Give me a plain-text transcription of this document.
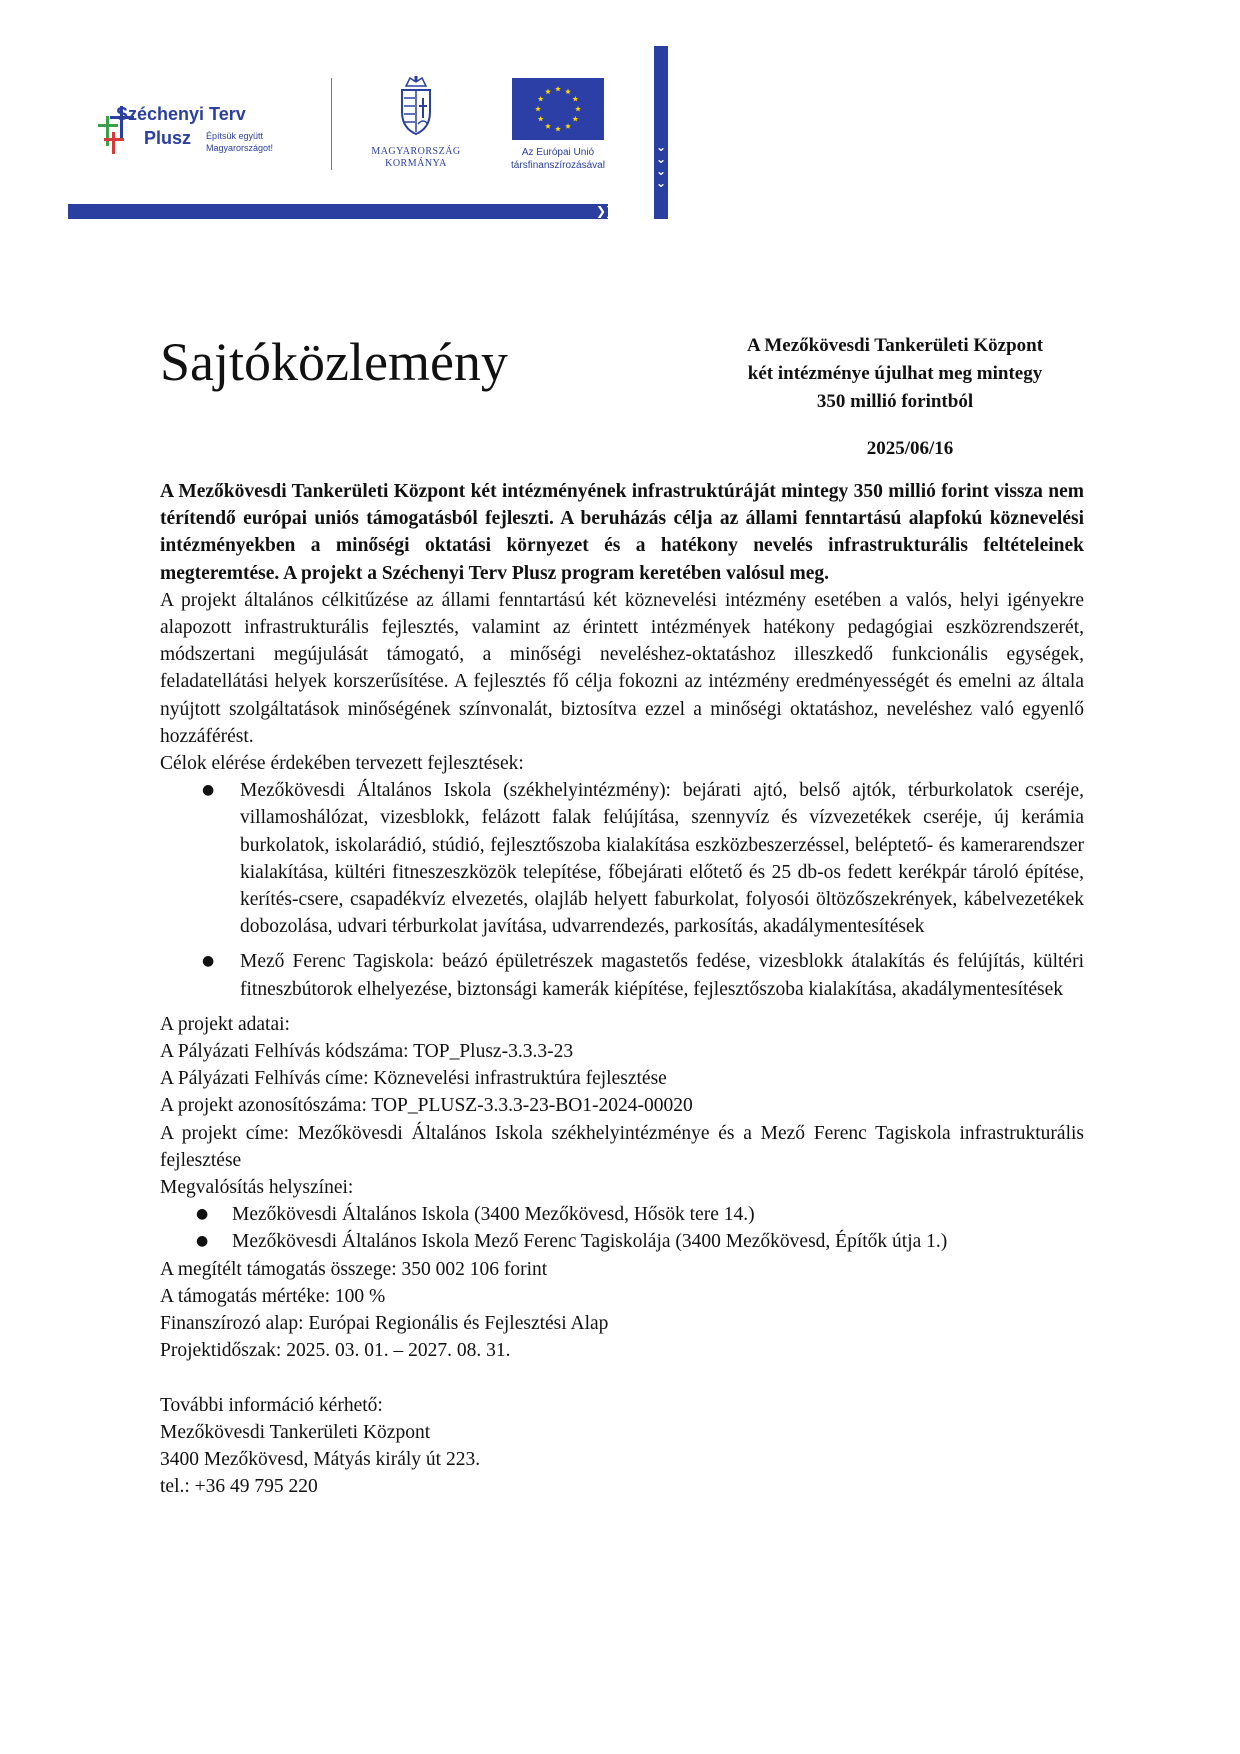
⌄
⌄
⌄
⌄
❯❯❯❯
Széchenyi Terv
Plusz Építsük együtt
Magyarországot!	MAGYARORSZÁG
KORMÁNYA
Az Európai Unió
társfinanszírozásával
Sajtóközlemény	A Mezőkövesdi Tankerületi Központ
két intézménye újulhat meg mintegy
350 millió forintból
2025/06/16

A Mezőkövesdi Tankerületi Központ két intézményének infrastruktúráját mintegy 350 millió forint vissza nem térítendő európai uniós támogatásból fejleszti. A beruházás célja az állami fenntartású alapfokú köznevelési intézményekben a minőségi oktatási környezet és a hatékony nevelés infrastrukturális feltételeinek megteremtése. A projekt a Széchenyi Terv Plusz program keretében valósul meg.

A projekt általános célkitűzése az állami fenntartású két köznevelési intézmény esetében a valós, helyi igényekre alapozott infrastrukturális fejlesztés, valamint az érintett intézmények hatékony pedagógiai eszközrendszerét, módszertani megújulását támogató, a minőségi neveléshez-oktatáshoz illeszkedő funkcionális egységek, feladatellátási helyek korszerűsítése. A fejlesztés fő célja fokozni az intézmény eredményességét és emelni az általa nyújtott szolgáltatások minőségének színvonalát, biztosítva ezzel a minőségi oktatáshoz, neveléshez való egyenlő hozzáférést.

Célok elérése érdekében tervezett fejlesztések:

● Mezőkövesdi Általános Iskola (székhelyintézmény): bejárati ajtó, belső ajtók, térburkolatok cseréje, villamoshálózat, vizesblokk, felázott falak felújítása, szennyvíz és vízvezetékek cseréje, új kerámia burkolatok, iskolarádió, stúdió, fejlesztőszoba kialakítása eszközbeszerzéssel, beléptető- és kamerarendszer kialakítása, kültéri fitneszeszközök telepítése, főbejárati előtető és 25 db-os fedett kerékpár tároló építése, kerítés-csere, csapadékvíz elvezetés, olajláb helyett faburkolat, folyosói öltözőszekrények, kábelvezetékek dobozolása, udvari térburkolat javítása, udvarrendezés, parkosítás, akadálymentesítések
● Mező Ferenc Tagiskola: beázó épületrészek magastetős fedése, vizesblokk átalakítás és felújítás, kültéri fitneszbútorok elhelyezése, biztonsági kamerák kiépítése, fejlesztőszoba kialakítása, akadálymentesítések

A projekt adatai:

A Pályázati Felhívás kódszáma: TOP_Plusz-3.3.3-23

A Pályázati Felhívás címe: Köznevelési infrastruktúra fejlesztése

A projekt azonosítószáma: TOP_PLUSZ-3.3.3-23-BO1-2024-00020

A projekt címe: Mezőkövesdi Általános Iskola székhelyintézménye és a Mező Ferenc Tagiskola infrastrukturális fejlesztése

Megvalósítás helyszínei:

● Mezőkövesdi Általános Iskola (3400 Mezőkövesd, Hősök tere 14.)
● Mezőkövesdi Általános Iskola Mező Ferenc Tagiskolája (3400 Mezőkövesd, Építők útja 1.)

A megítélt támogatás összege: 350 002 106 forint

A támogatás mértéke: 100 %

Finanszírozó alap: Európai Regionális és Fejlesztési Alap

Projektidőszak: 2025. 03. 01. – 2027. 08. 31.

További információ kérhető:

Mezőkövesdi Tankerületi Központ

3400 Mezőkövesd, Mátyás király út 223.

tel.: +36 49 795 220
